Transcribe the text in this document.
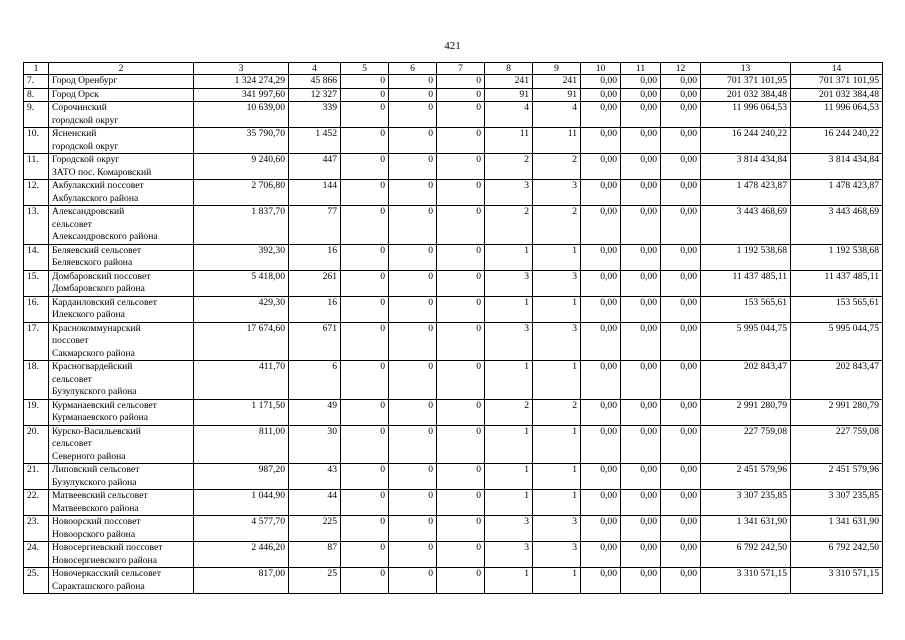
421
1	2	3	4	5	6	7	8	9	10	11	12	13	14
7.	Город Оренбург	1 324 274,29	45 866	0	0	0	241	241	0,00	0,00	0,00	701 371 101,95	701 371 101,95
8.	Город Орск	341 997,60	12 327	0	0	0	91	91	0,00	0,00	0,00	201 032 384,48	201 032 384,48
9.	Сорочинский
городской округ	10 639,00	339	0	0	0	4	4	0,00	0,00	0,00	11 996 064,53	11 996 064,53
10.	Ясненский
городской округ	35 790,70	1 452	0	0	0	11	11	0,00	0,00	0,00	16 244 240,22	16 244 240,22
11.	Городской округ
ЗАТО пос. Комаровский	9 240,60	447	0	0	0	2	2	0,00	0,00	0,00	3 814 434,84	3 814 434,84
12.	Акбулакский поссовет
Акбулакского района	2 706,80	144	0	0	0	3	3	0,00	0,00	0,00	1 478 423,87	1 478 423,87
13.	Александровский
сельсовет
Александровского района	1 837,70	77	0	0	0	2	2	0,00	0,00	0,00	3 443 468,69	3 443 468,69
14.	Беляевский сельсовет
Беляевского района	392,30	16	0	0	0	1	1	0,00	0,00	0,00	1 192 538,68	1 192 538,68
15.	Домбаровский поссовет
Домбаровского района	5 418,00	261	0	0	0	3	3	0,00	0,00	0,00	11 437 485,11	11 437 485,11
16.	Кардаиловский сельсовет
Илекского района	429,30	16	0	0	0	1	1	0,00	0,00	0,00	153 565,61	153 565,61
17.	Краснокоммунарский
поссовет
Сакмарского района	17 674,60	671	0	0	0	3	3	0,00	0,00	0,00	5 995 044,75	5 995 044,75
18.	Красногвардейский
сельсовет
Бузулукского района	411,70	6	0	0	0	1	1	0,00	0,00	0,00	202 843,47	202 843,47
19.	Курманаевский сельсовет
Курманаевского района	1 171,50	49	0	0	0	2	2	0,00	0,00	0,00	2 991 280,79	2 991 280,79
20.	Курско-Васильевский
сельсовет
Северного района	811,00	30	0	0	0	1	1	0,00	0,00	0,00	227 759,08	227 759,08
21.	Липовский сельсовет
Бузулукского района	987,20	43	0	0	0	1	1	0,00	0,00	0,00	2 451 579,96	2 451 579,96
22.	Матвеевский сельсовет
Матвеевского района	1 044,90	44	0	0	0	1	1	0,00	0,00	0,00	3 307 235,85	3 307 235,85
23.	Новоорский поссовет
Новоорского района	4 577,70	225	0	0	0	3	3	0,00	0,00	0,00	1 341 631,90	1 341 631,90
24.	Новосергиевский поссовет
Новосергиевского района	2 446,20	87	0	0	0	3	3	0,00	0,00	0,00	6 792 242,50	6 792 242,50
25.	Новочеркасский сельсовет
Саракташского района	817,00	25	0	0	0	1	1	0,00	0,00	0,00	3 310 571,15	3 310 571,15
